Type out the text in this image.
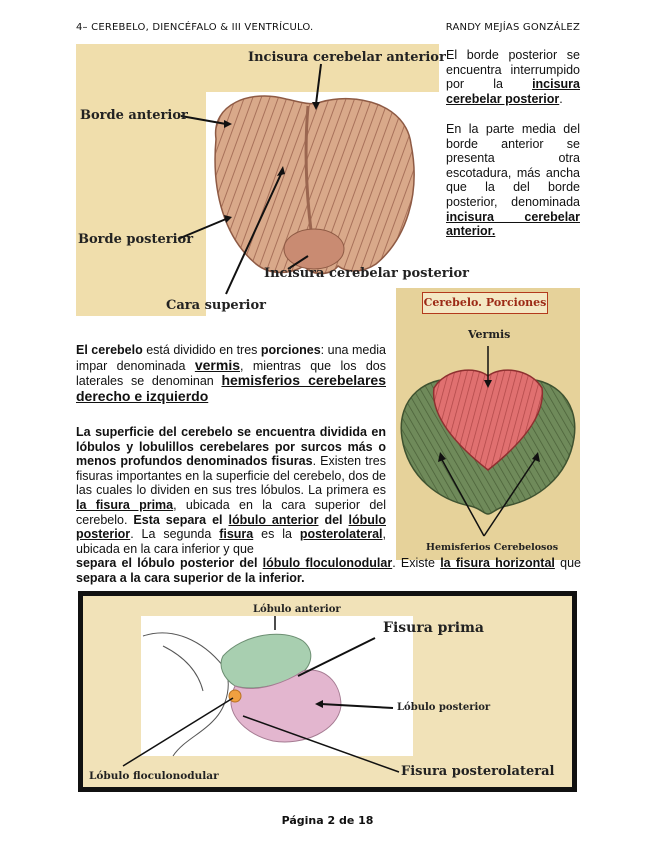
4– CEREBELO, DIENCÉFALO & III VENTRÍCULO.	RANDY MEJÍAS GONZÁLEZ
Incisura cerebelar anterior
Borde anterior
Borde posterior
Incisura cerebelar posterior
Cara superior
El borde posterior se encuentra interrumpido por la incisura cerebelar posterior.
En la parte media del borde anterior se presenta otra escotadura, más ancha que la del borde posterior, denominada incisura cerebelar anterior.
Cerebelo. Porciones
Vermis
Hemisferios Cerebelosos
El cerebelo está dividido en tres porciones: una media impar denominada vermis, mientras que los dos laterales se denominan hemisferios cerebelares derecho e izquierdo
La superficie del cerebelo se encuentra dividida en lóbulos y lobulillos cerebelares por surcos más o menos profundos denominados fisuras. Existen tres fisuras importantes en la superficie del cerebelo, dos de las cuales lo dividen en sus tres lóbulos. La primera es la fisura prima, ubicada en la cara superior del cerebelo. Esta separa el lóbulo anterior del lóbulo posterior. La segunda fisura es la posterolateral, ubicada en la cara inferior y que
separa el lóbulo posterior del lóbulo floculonodular. Existe la fisura horizontal que separa a la cara superior de la inferior.
Lóbulo anterior
Fisura prima
Lóbulo posterior
Lóbulo floculonodular	Fisura posterolateral
Página 2 de 18
